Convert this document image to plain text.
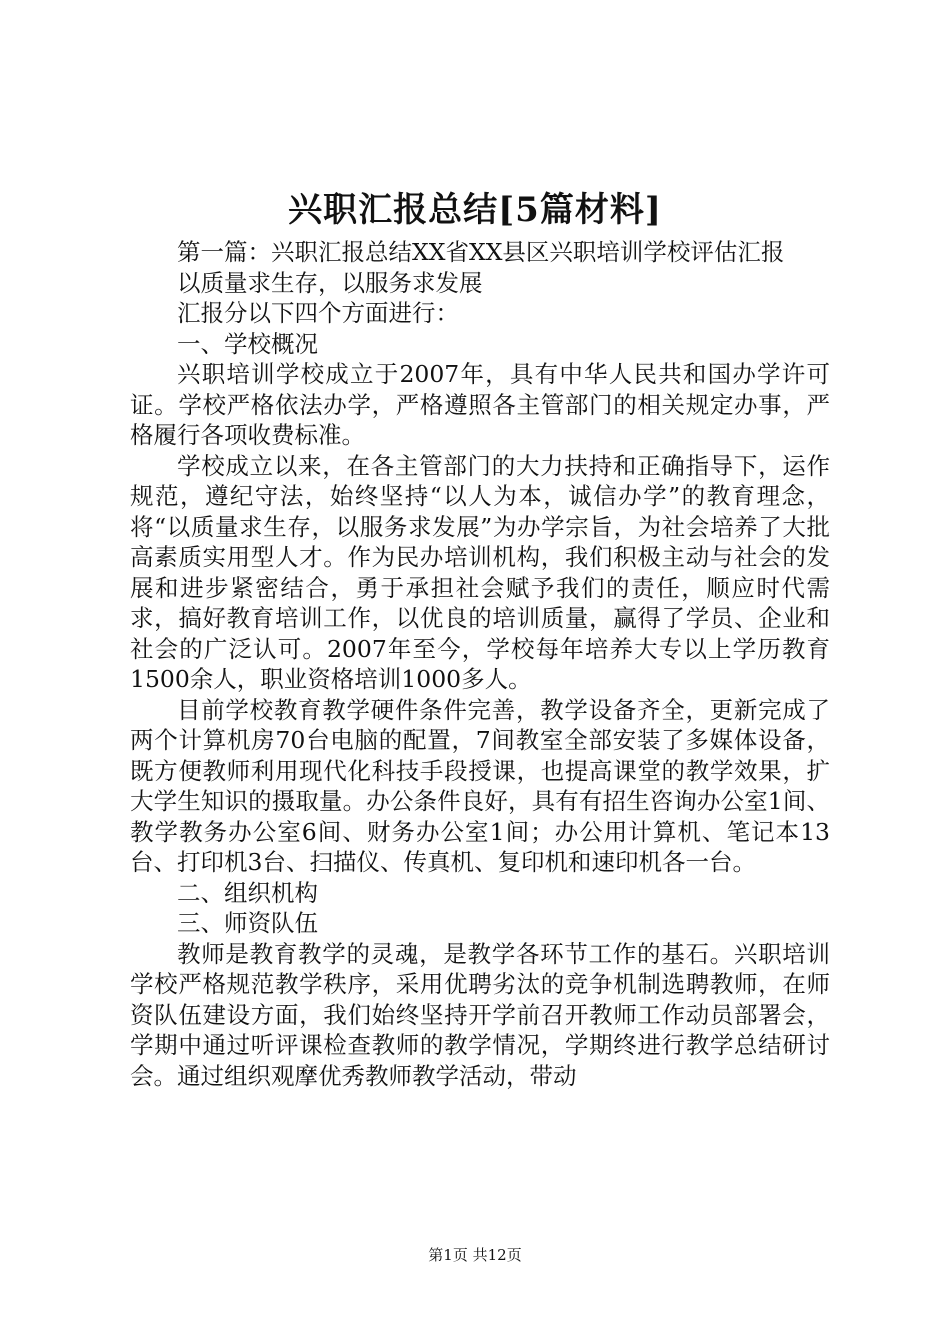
兴职汇报总结[5篇材料]

第一篇：兴职汇报总结XX省XX县区兴职培训学校评估汇报

以质量求生存，以服务求发展

汇报分以下四个方面进行：

一、学校概况

兴职培训学校成立于2007年，具有中华人民共和国办学许可证。学校严格依法办学，严格遵照各主管部门的相关规定办事，严格履行各项收费标准。

学校成立以来，在各主管部门的大力扶持和正确指导下，运作规范，遵纪守法，始终坚持“以人为本，诚信办学”的教育理念，将“以质量求生存，以服务求发展”为办学宗旨，为社会培养了大批高素质实用型人才。作为民办培训机构，我们积极主动与社会的发展和进步紧密结合，勇于承担社会赋予我们的责任，顺应时代需求，搞好教育培训工作，以优良的培训质量，赢得了学员、企业和社会的广泛认可。2007年至今，学校每年培养大专以上学历教育1500余人，职业资格培训1000多人。

目前学校教育教学硬件条件完善，教学设备齐全，更新完成了两个计算机房70台电脑的配置，7间教室全部安装了多媒体设备，既方便教师利用现代化科技手段授课，也提高课堂的教学效果，扩大学生知识的摄取量。办公条件良好，具有有招生咨询办公室1间、教学教务办公室6间、财务办公室1间；办公用计算机、笔记本13台、打印机3台、扫描仪、传真机、复印机和速印机各一台。

二、组织机构

三、师资队伍

教师是教育教学的灵魂，是教学各环节工作的基石。兴职培训学校严格规范教学秩序，采用优聘劣汰的竞争机制选聘教师，在师资队伍建设方面，我们始终坚持开学前召开教师工作动员部署会，学期中通过听评课检查教师的教学情况，学期终进行教学总结研讨会。通过组织观摩优秀教师教学活动，带动

第1页 共12页
